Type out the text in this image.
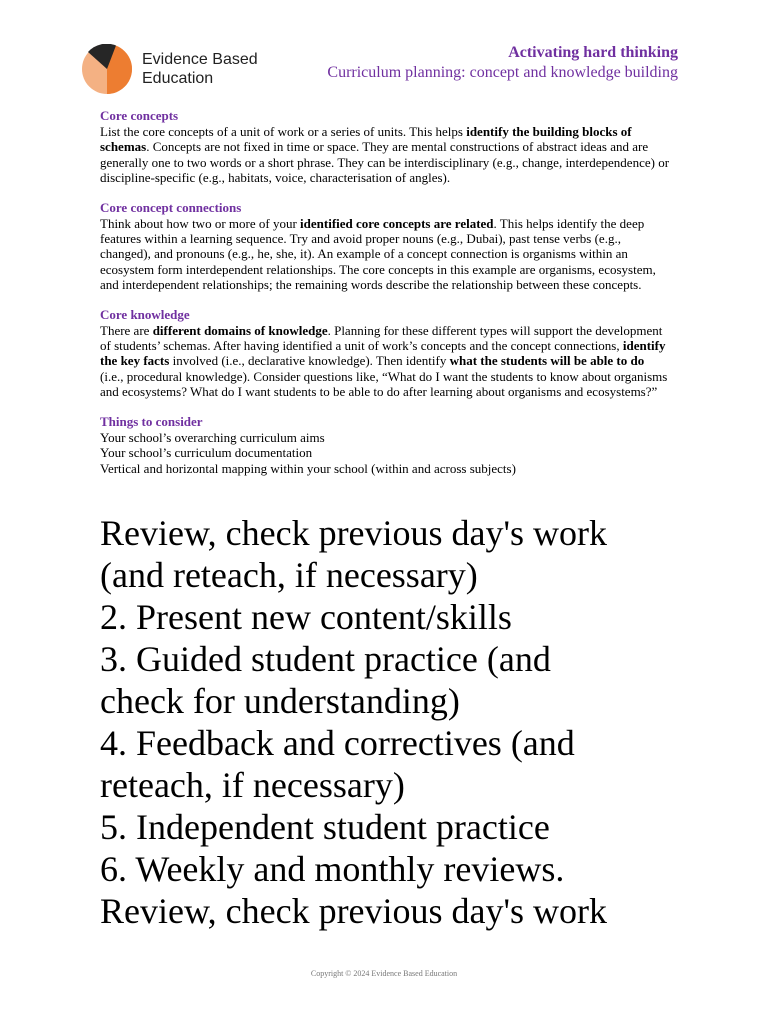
Evidence Based
Education
Activating hard thinking
Curriculum planning: concept and knowledge building
Core concepts
List the core concepts of a unit of work or a series of units. This helps identify the building blocks of schemas. Concepts are not fixed in time or space. They are mental constructions of abstract ideas and are generally one to two words or a short phrase. They can be interdisciplinary (e.g., change, interdependence) or discipline-specific (e.g., habitats, voice, characterisation of angles).
Core concept connections
Think about how two or more of your identified core concepts are related. This helps identify the deep features within a learning sequence. Try and avoid proper nouns (e.g., Dubai), past tense verbs (e.g., changed), and pronouns (e.g., he, she, it). An example of a concept connection is organisms within an ecosystem form interdependent relationships. The core concepts in this example are organisms, ecosystem, and interdependent relationships; the remaining words describe the relationship between these concepts.
Core knowledge
There are different domains of knowledge. Planning for these different types will support the development of students’ schemas. After having identified a unit of work’s concepts and the concept connections, identify the key facts involved (i.e., declarative knowledge). Then identify what the students will be able to do (i.e., procedural knowledge). Consider questions like, “What do I want the students to know about organisms and ecosystems? What do I want students to be able to do after learning about organisms and ecosystems?”
Things to consider
Your school’s overarching curriculum aims
Your school’s curriculum documentation
Vertical and horizontal mapping within your school (within and across subjects)
Review, check previous day's work
(and reteach, if necessary)
2. Present new content/skills
3. Guided student practice (and
check for understanding)
4. Feedback and correctives (and
reteach, if necessary)
5. Independent student practice
6. Weekly and monthly reviews.
Review, check previous day's work
Copyright © 2024 Evidence Based Education
